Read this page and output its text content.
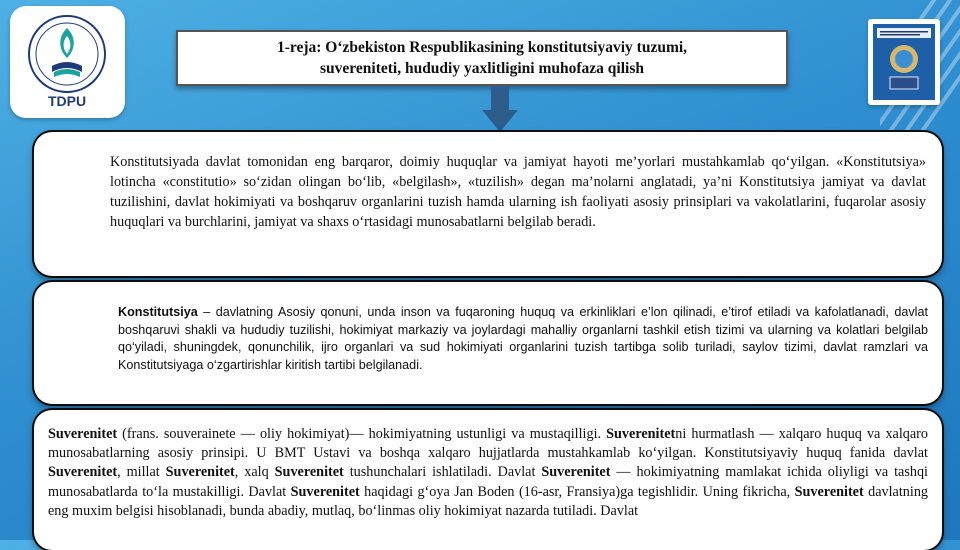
TDPU
1-reja: O‘zbekiston Respublikasining konstitutsiyaviy tuzumi,
suvereniteti, hududiy yaxlitligini muhofaza qilish
Konstitutsiyada davlat tomonidan eng barqaror, doimiy huquqlar va jamiyat hayoti me’yorlari mustahkamlab qo‘yilgan. «Konstitutsiya» lotincha «constitutio» so‘zidan olingan bo‘lib, «belgilash», «tuzilish» degan ma’nolarni anglatadi, ya’ni Konstitutsiya jamiyat va davlat tuzilishini, davlat hokimiyati va boshqaruv organlarini tuzish hamda ularning ish faoliyati asosiy prinsiplari va vakolatlarini, fuqarolar asosiy huquqlari va burchlarini, jamiyat va shaxs o‘rtasidagi munosabatlarni belgilab beradi.
Konstitutsiya – davlatning Asosiy qonuni, unda inson va fuqaroning huquq va erkinliklari e’lon qilinadi, e’tirof etiladi va kafolatlanadi, davlat boshqaruvi shakli va hududiy tuzilishi, hokimiyat markaziy va joylardagi mahalliy organlarni tashkil etish tizimi va ularning va kolatlari belgilab qo‘yiladi, shuningdek, qonunchilik, ijro organlari va sud hokimiyati organlarini tuzish tartibga solib turiladi, saylov tizimi, davlat ramzlari va Konstitutsiyaga o‘zgartirishlar kiritish tartibi belgilanadi.
Suverenitet (frans. souverainete — oliy hokimiyat)— hokimiyatning ustunligi va mustaqilligi. Suverenitetni hurmatlash — xalqaro huquq va xalqaro munosabatlarning asosiy prinsipi. U BMT Ustavi va boshqa xalqaro hujjatlarda mustahkamlab ko‘yilgan. Konstitutsiyaviy huquq fanida davlat Suverenitet, millat Suverenitet, xalq Suverenitet tushunchalari ishlatiladi. Davlat Suverenitet — hokimiyatning mamlakat ichida oliyligi va tashqi munosabatlarda to‘la mustakilligi. Davlat Suverenitet haqidagi g‘oya Jan Boden (16-asr, Fransiya)ga tegishlidir. Uning fikricha, Suverenitet davlatning eng muxim belgisi hisoblanadi, bunda abadiy, mutlaq, bo‘linmas oliy hokimiyat nazarda tutiladi. Davlat
